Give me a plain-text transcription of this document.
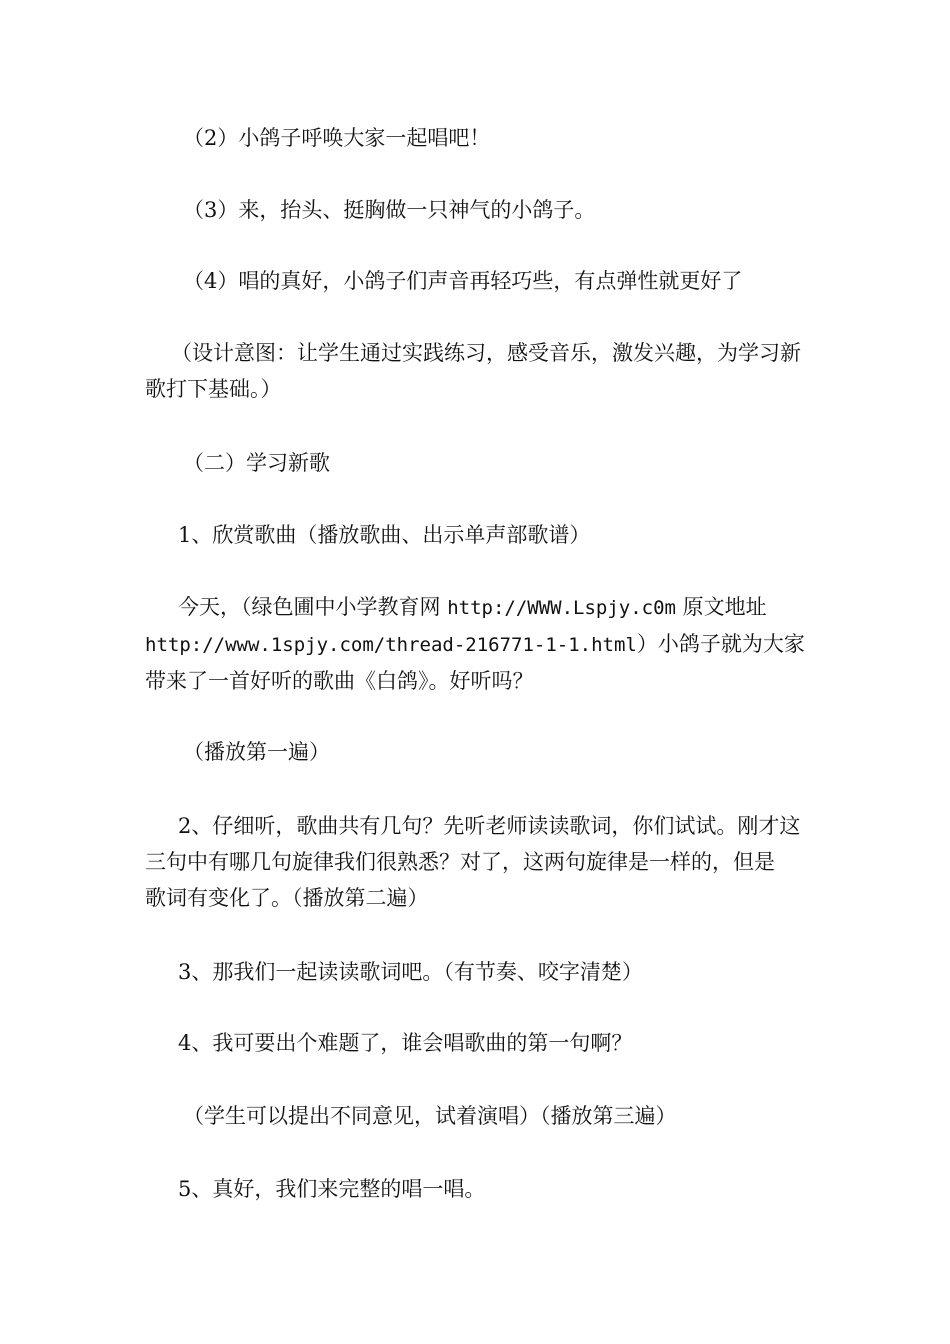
（2）小鸽子呼唤大家一起唱吧！

（3）来，抬头、挺胸做一只神气的小鸽子。

（4）唱的真好，小鸽子们声音再轻巧些，有点弹性就更好了

（设计意图：让学生通过实践练习，感受音乐，激发兴趣，为学习新
歌打下基础。）

（二）学习新歌

1、欣赏歌曲（播放歌曲、出示单声部歌谱）

今天，（绿色圃中小学教育网 http://WWW.Lspjy.c0m 原文地址
http://www.1spjy.com/thread-216771-1-1.html）小鸽子就为大家
带来了一首好听的歌曲《白鸽》。好听吗？

（播放第一遍）

2、仔细听，歌曲共有几句？先听老师读读歌词，你们试试。刚才这
三句中有哪几句旋律我们很熟悉？对了，这两句旋律是一样的，但是
歌词有变化了。（播放第二遍）

3、那我们一起读读歌词吧。（有节奏、咬字清楚）

4、我可要出个难题了，谁会唱歌曲的第一句啊？

（学生可以提出不同意见，试着演唱）（播放第三遍）

5、真好，我们来完整的唱一唱。
